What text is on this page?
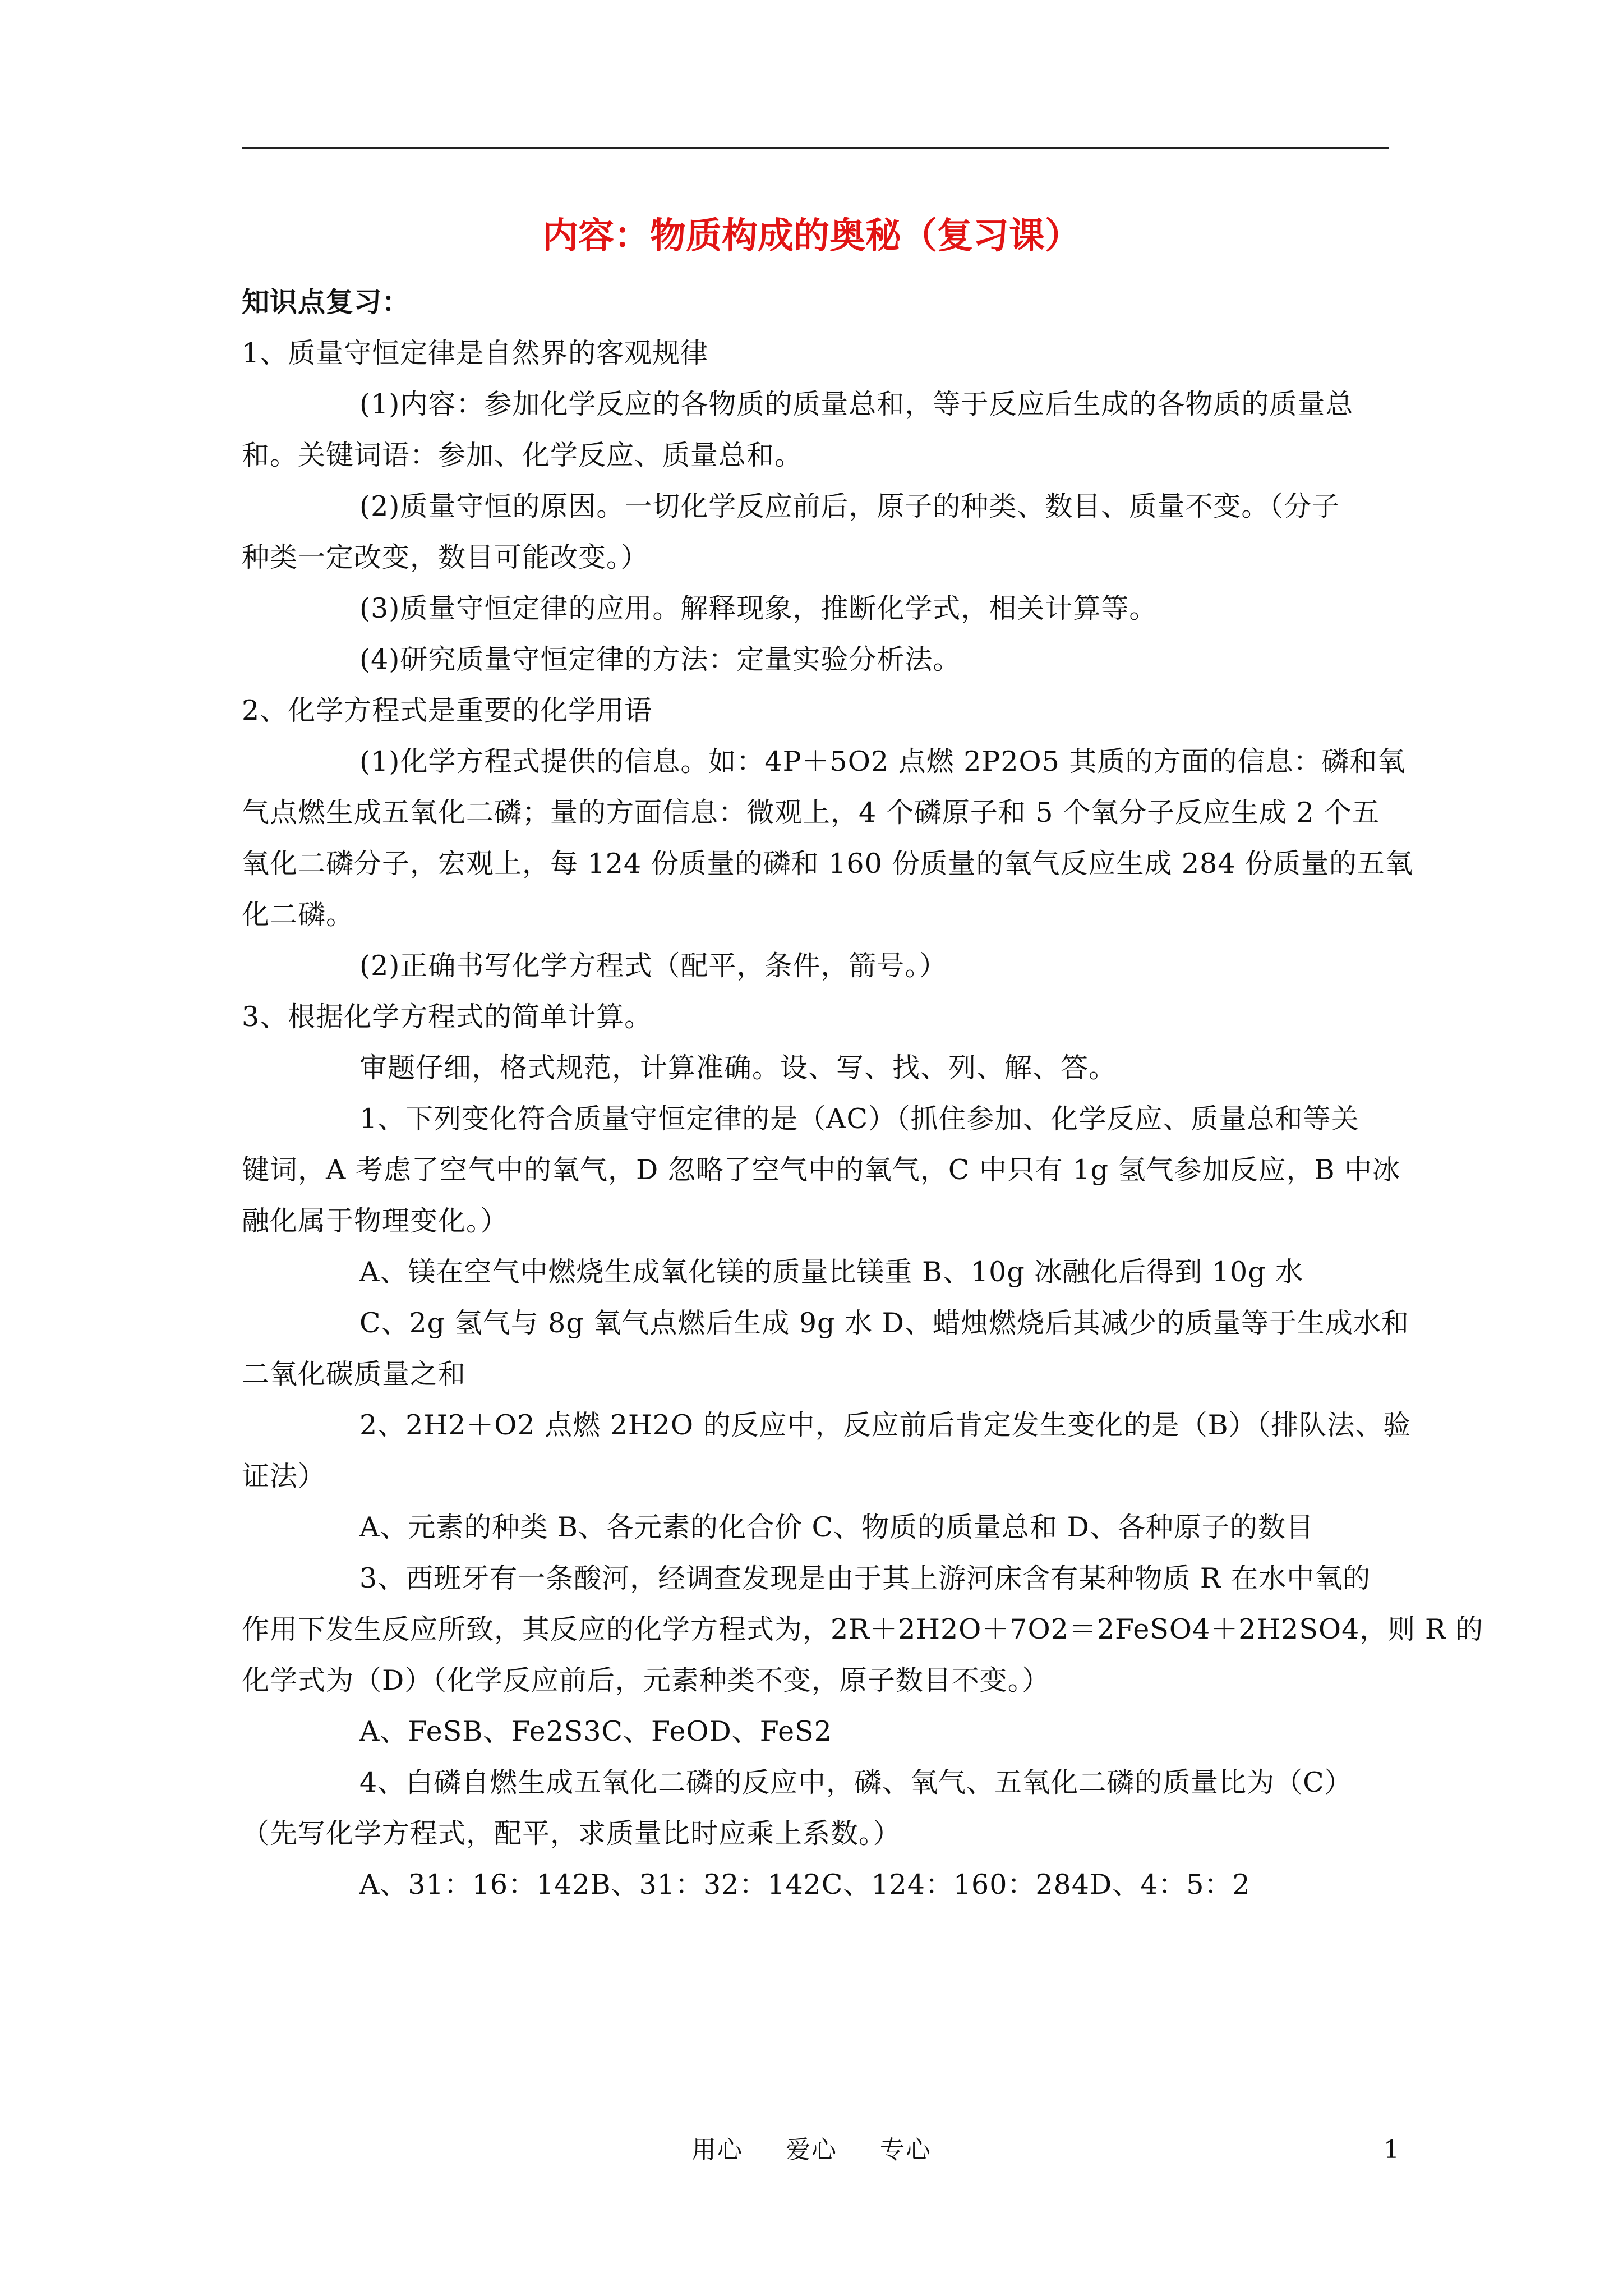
内容：物质构成的奥秘（复习课）
知识点复习：
1、质量守恒定律是自然界的客观规律
(1)内容：参加化学反应的各物质的质量总和，等于反应后生成的各物质的质量总
和。关键词语：参加、化学反应、质量总和。
(2)质量守恒的原因。一切化学反应前后，原子的种类、数目、质量不变。（分子
种类一定改变，数目可能改变。）
(3)质量守恒定律的应用。解释现象，推断化学式，相关计算等。
(4)研究质量守恒定律的方法：定量实验分析法。
2、化学方程式是重要的化学用语
(1)化学方程式提供的信息。如：4P＋5O2 点燃 2P2O5 其质的方面的信息：磷和氧
气点燃生成五氧化二磷；量的方面信息：微观上，4 个磷原子和 5 个氧分子反应生成 2 个五
氧化二磷分子，宏观上，每 124 份质量的磷和 160 份质量的氧气反应生成 284 份质量的五氧
化二磷。
(2)正确书写化学方程式（配平，条件，箭号。）
3、根据化学方程式的简单计算。
审题仔细，格式规范，计算准确。设、写、找、列、解、答。
1、下列变化符合质量守恒定律的是（AC）（抓住参加、化学反应、质量总和等关
键词，A 考虑了空气中的氧气，D 忽略了空气中的氧气，C 中只有 1g 氢气参加反应，B 中冰
融化属于物理变化。）
A、镁在空气中燃烧生成氧化镁的质量比镁重 B、10g 冰融化后得到 10g 水
C、2g 氢气与 8g 氧气点燃后生成 9g 水 D、蜡烛燃烧后其减少的质量等于生成水和
二氧化碳质量之和
2、2H2＋O2 点燃 2H2O 的反应中，反应前后肯定发生变化的是（B）（排队法、验
证法）
A、元素的种类 B、各元素的化合价 C、物质的质量总和 D、各种原子的数目
3、西班牙有一条酸河，经调查发现是由于其上游河床含有某种物质 R 在水中氧的
作用下发生反应所致，其反应的化学方程式为，2R＋2H2O＋7O2＝2FeSO4＋2H2SO4，则 R 的
化学式为（D）（化学反应前后，元素种类不变，原子数目不变。）
A、FeSB、Fe2S3C、FeOD、FeS2
4、白磷自燃生成五氧化二磷的反应中，磷、氧气、五氧化二磷的质量比为（C）
（先写化学方程式，配平，求质量比时应乘上系数。）
A、31：16：142B、31：32：142C、124：160：284D、4：5：2
用心 爱心 专心	1
